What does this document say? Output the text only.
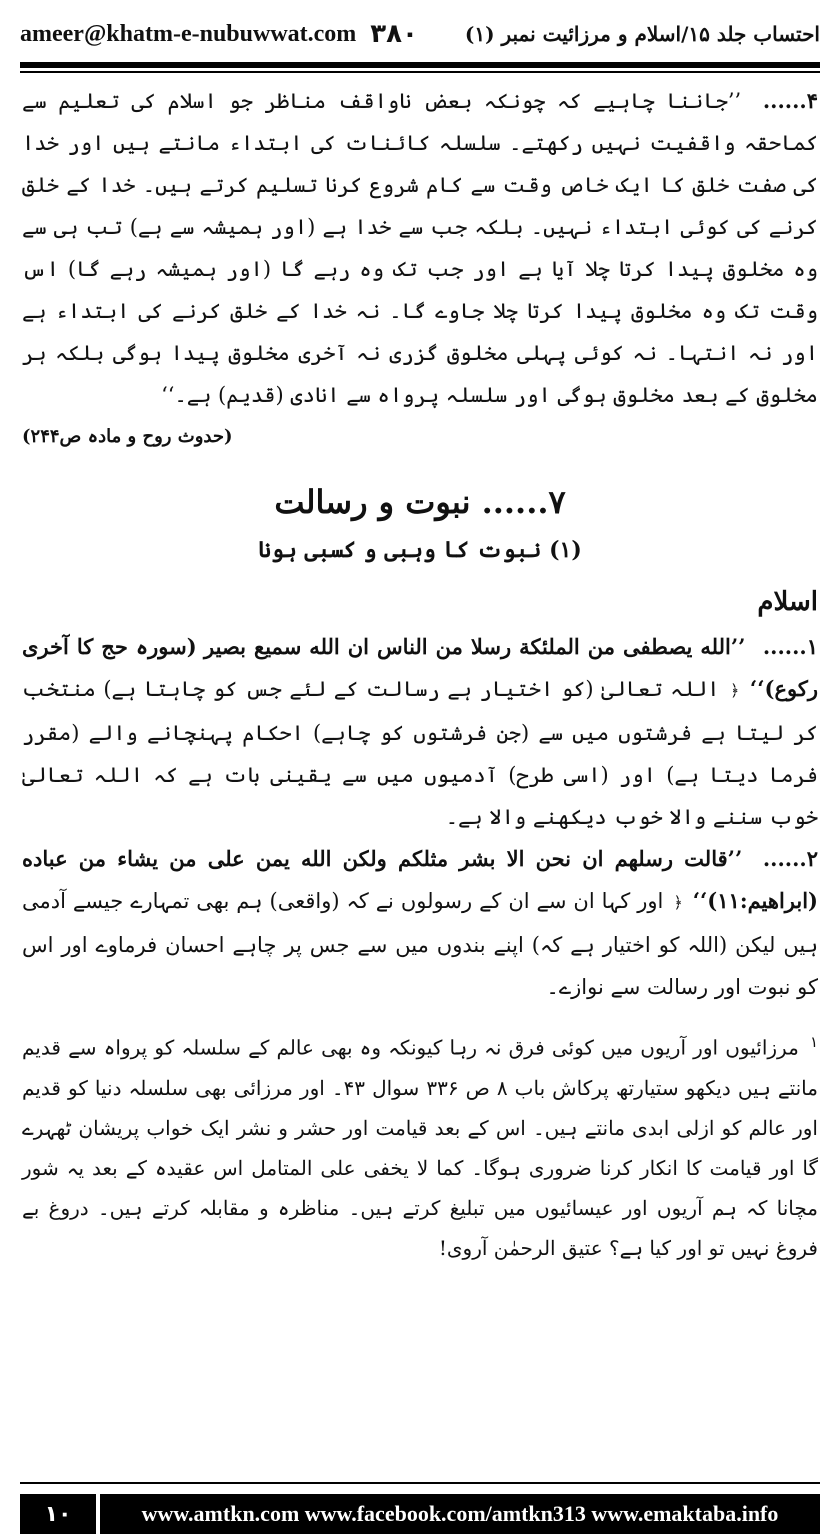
ameer@khatm-e-nubuwwat.com ۳۸۰ احتساب جلد ۱۵/اسلام و مرزائیت نمبر (۱)

۴...... ’’جاننا چاہیے کہ چونکہ بعض ناواقف مناظر جو اسلام کی تعلیم سے کماحقہ واقفیت نہیں رکھتے۔ سلسلہ کائنات کی ابتداء مانتے ہیں اور خدا کی صفت خلق کا ایک خاص وقت سے کام شروع کرنا تسلیم کرتے ہیں۔ خدا کے خلق کرنے کی کوئی ابتداء نہیں۔ بلکہ جب سے خدا ہے (اور ہمیشہ سے ہے) تب ہی سے وہ مخلوق پیدا کرتا چلا آیا ہے اور جب تک وہ رہے گا (اور ہمیشہ رہے گا) اس وقت تک وہ مخلوق پیدا کرتا چلا جاوے گا۔ نہ خدا کے خلق کرنے کی ابتداء ہے اور نہ انتہا۔ نہ کوئی پہلی مخلوق گزری نہ آخری مخلوق پیدا ہوگی بلکہ ہر مخلوق کے بعد مخلوق ہوگی اور سلسلہ پرواہ سے انادی (قدیم) ہے۔‘‘

(حدوث روح و مادہ ص۲۴۴)

۷...... نبوت و رسالت
(۱) نبوت کا وہبی و کسبی ہونا
اسلام

۱...... ’’الله یصطفی من الملئكة رسلا من الناس ان الله سمیع بصیر (سورہ حج کا آخری رکوع)‘‘ ﴿ اللہ تعالیٰ (کو اختیار ہے رسالت کے لئے جس کو چاہتا ہے) منتخب کر لیتا ہے فرشتوں میں سے (جن فرشتوں کو چاہے) احکام پہنچانے والے (مقرر فرما دیتا ہے) اور (اسی طرح) آدمیوں میں سے یقینی بات ہے کہ اللہ تعالیٰ خوب سننے والا خوب دیکھنے والا ہے۔

۲...... ’’قالت رسلهم ان نحن الا بشر مثلكم ولكن الله يمن على من يشاء من عباده (ابراهيم:۱۱)‘‘ ﴿ اور کہا ان سے ان کے رسولوں نے کہ (واقعی) ہم بھی تمہارے جیسے آدمی ہیں لیکن (اللہ کو اختیار ہے کہ) اپنے بندوں میں سے جس پر چاہے احسان فرماوے اور اس کو نبوت اور رسالت سے نوازے۔

$^۱$ مرزائیوں اور آریوں میں کوئی فرق نہ رہا کیونکہ وہ بھی عالم کے سلسلہ کو پرواہ سے قدیم مانتے ہیں دیکھو ستیارتھ پرکاش باب ۸ ص ۳۳۶ سوال ۴۳۔ اور مرزائی بھی سلسلہ دنیا کو قدیم اور عالم کو ازلی ابدی مانتے ہیں۔ اس کے بعد قیامت اور حشر و نشر ایک خواب پریشان ٹھہرے گا اور قیامت کا انکار کرنا ضروری ہوگا۔ کما لا یخفی علی المتامل اس عقیدہ کے بعد یہ شور مچانا کہ ہم آریوں اور عیسائیوں میں تبلیغ کرتے ہیں۔ مناظرہ و مقابلہ کرتے ہیں۔ دروغ بے فروغ نہیں تو اور کیا ہے؟ عتیق الرحمٰن آروی!

۱۰	www.amtkn.com www.facebook.com/amtkn313 www.emaktaba.info
